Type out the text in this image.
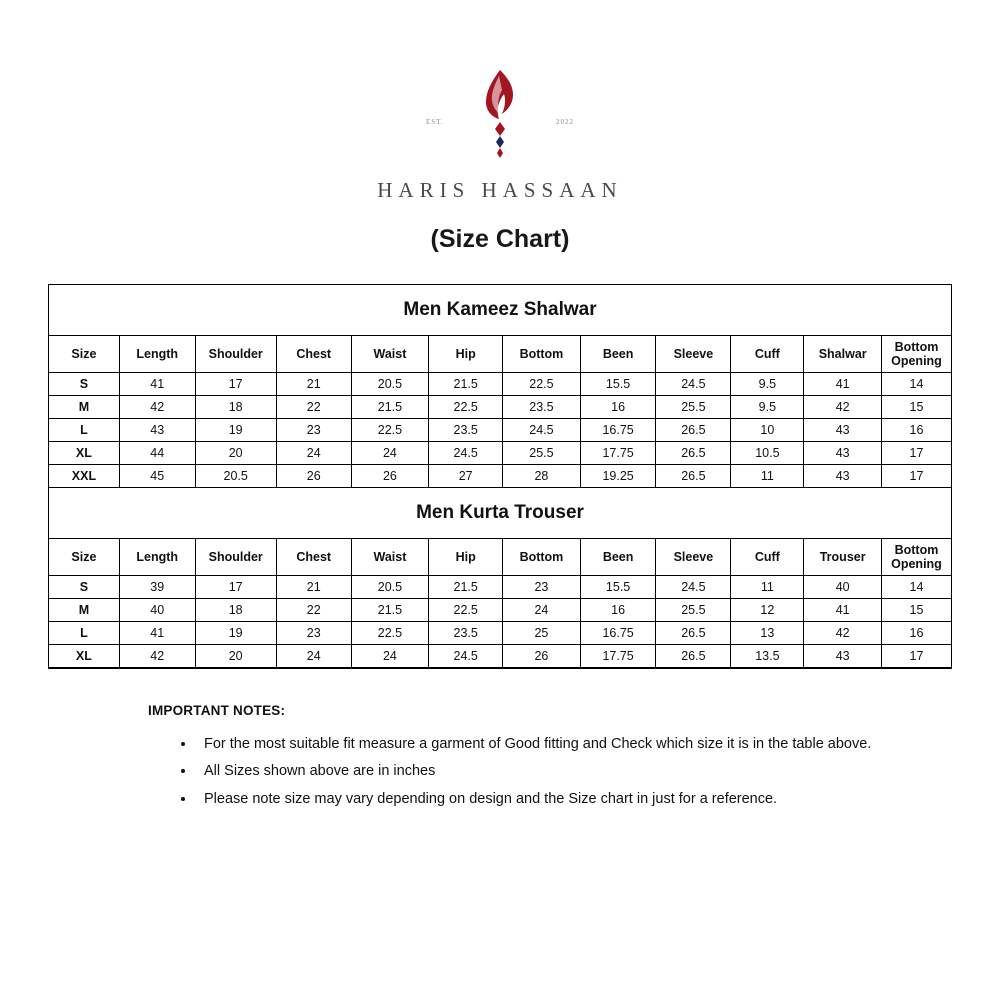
EST.	2022
HARIS HASSAAN
(Size Chart)
Men Kameez Shalwar											
Size	Length	Shoulder	Chest	Waist	Hip	Bottom	Been	Sleeve	Cuff	Shalwar	Bottom Opening
S	41	17	21	20.5	21.5	22.5	15.5	24.5	9.5	41	14
M	42	18	22	21.5	22.5	23.5	16	25.5	9.5	42	15
L	43	19	23	22.5	23.5	24.5	16.75	26.5	10	43	16
XL	44	20	24	24	24.5	25.5	17.75	26.5	10.5	43	17
XXL	45	20.5	26	26	27	28	19.25	26.5	11	43	17
Men Kurta Trouser											
Size	Length	Shoulder	Chest	Waist	Hip	Bottom	Been	Sleeve	Cuff	Trouser	Bottom Opening
S	39	17	21	20.5	21.5	23	15.5	24.5	11	40	14
M	40	18	22	21.5	22.5	24	16	25.5	12	41	15
L	41	19	23	22.5	23.5	25	16.75	26.5	13	42	16
XL	42	20	24	24	24.5	26	17.75	26.5	13.5	43	17
IMPORTANT NOTES:
• For the most suitable fit measure a garment of Good fitting and Check which size it is in the table above.
• All Sizes shown above are in inches
• Please note size may vary depending on design and the Size chart in just for a reference.
